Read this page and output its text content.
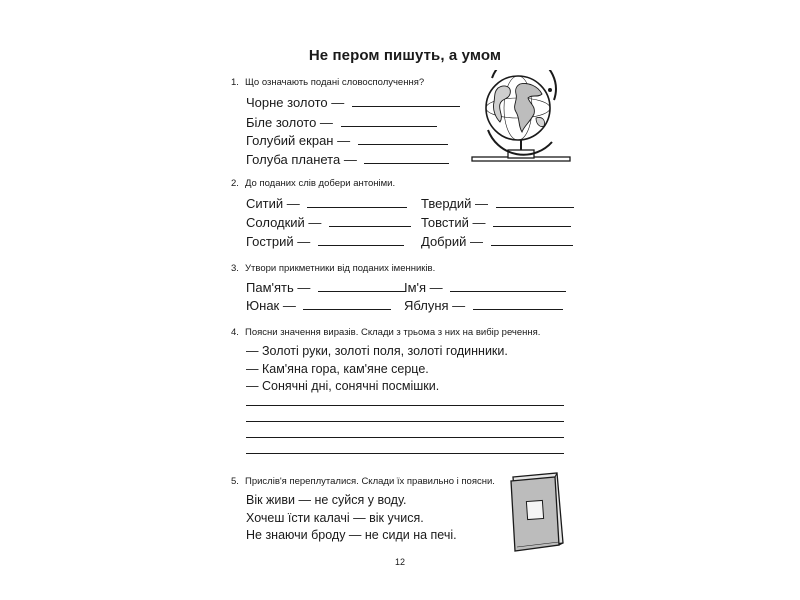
Не пером пишуть, а умом
1. Що означають подані словосполучення?
Чорне золото —
Біле золото —
Голубий екран —
Голуба планета —
2. До поданих слів добери антоніми.
Ситий —
Солодкий —
Гострий —
Твердий —
Товстий —
Добрий —
3. Утвори прикметники від поданих іменників.
Пам'ять —
Юнак —
Ім'я —
Яблуня —
4. Поясни значення виразів. Склади з трьома з них на вибір речення.
— Золоті руки, золоті поля, золоті годинники.
— Кам'яна гора, кам'яне серце.
— Сонячні дні, сонячні посмішки.
5. Прислів'я переплуталися. Склади їх правильно і поясни.
Вік живи — не суйся у воду.
Хочеш їсти калачі — вік учися.
Не знаючи броду — не сиди на печі.
12
